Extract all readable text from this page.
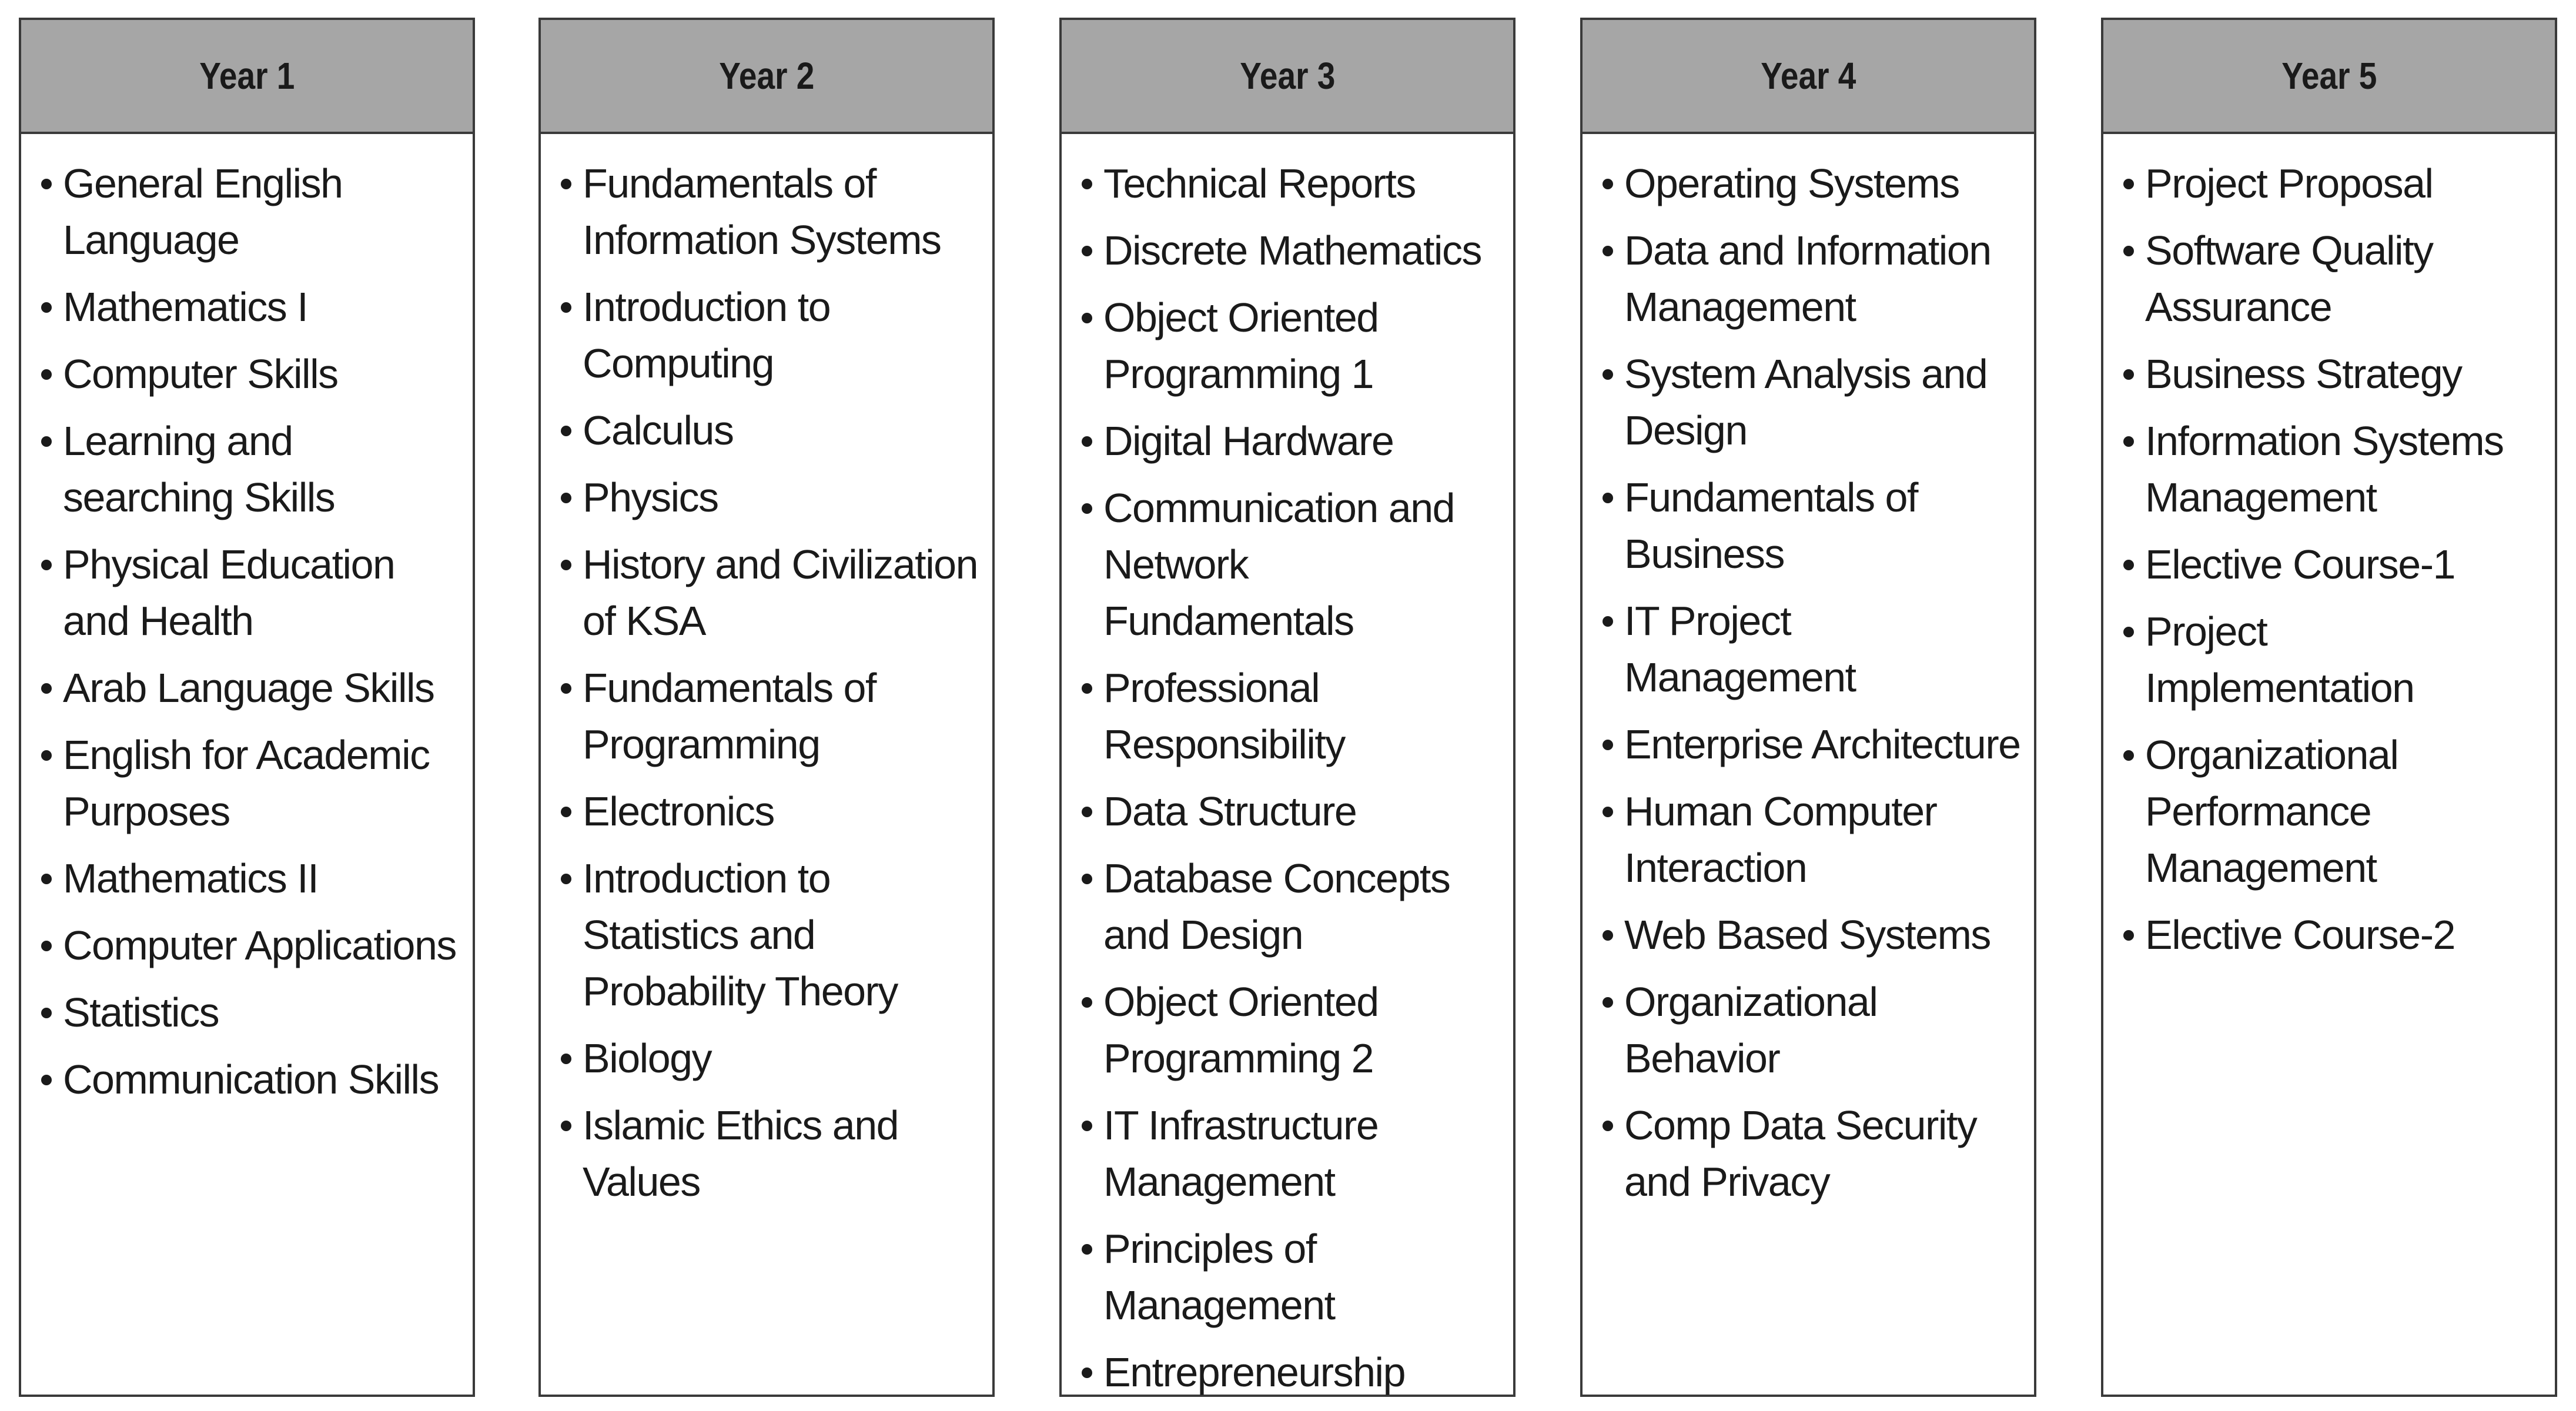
Year 1
General English Language
Mathematics I
Computer Skills
Learning and searching Skills
Physical Education and Health
Arab Language Skills
English for Academic Purposes
Mathematics II
Computer Applications
Statistics
Communication Skills
Year 2
Fundamentals of Information Systems
Introduction to Computing
Calculus
Physics
History and Civilization of KSA
Fundamentals of Programming
Electronics
Introduction to Statistics and Probability Theory
Biology
Islamic Ethics and Values
Year 3
Technical Reports
Discrete Mathematics
Object Oriented Programming 1
Digital Hardware
Communication and Network Fundamentals
Professional Responsibility
Data Structure
Database Concepts and Design
Object Oriented Programming 2
IT Infrastructure Management
Principles of Management
Entrepreneurship
Year 4
Operating Systems
Data and Information Management
System Analysis and Design
Fundamentals of Business
IT Project Management
Enterprise Architecture
Human Computer Interaction
Web Based Systems
Organizational Behavior
Comp Data Security and Privacy
Year 5
Project Proposal
Software Quality Assurance
Business Strategy
Information Systems Management
Elective Course-1
Project Implementation
Organizational Performance Management
Elective Course-2
